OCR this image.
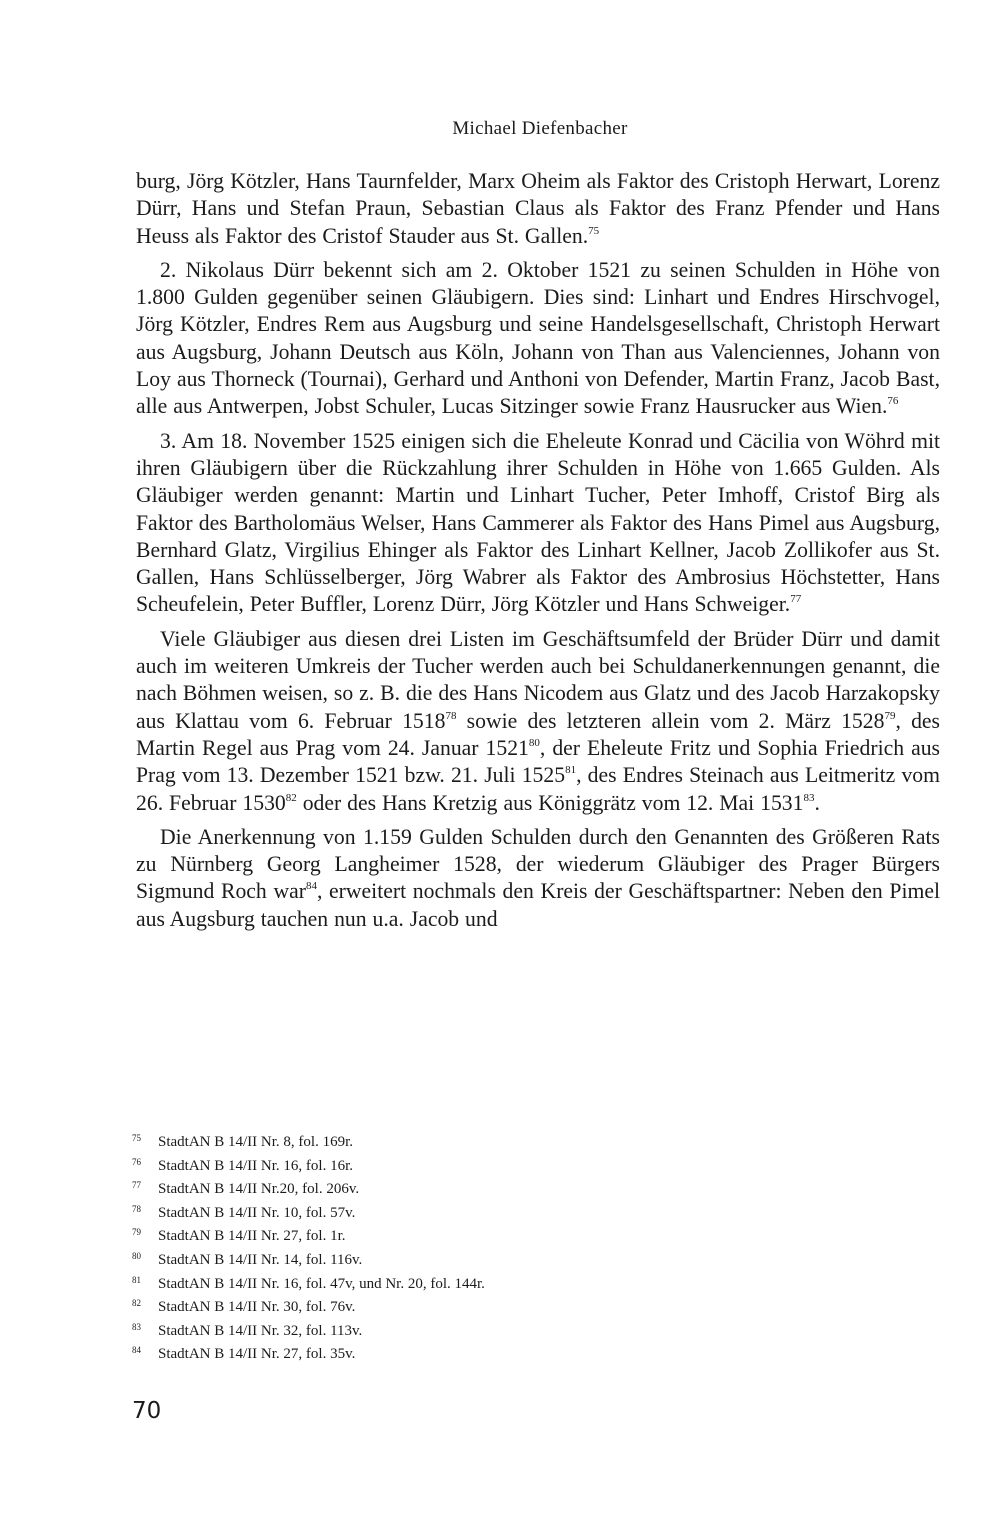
Michael Diefenbacher

burg, Jörg Kötzler, Hans Taurnfelder, Marx Oheim als Faktor des Cristoph Herwart, Lorenz Dürr, Hans und Stefan Praun, Sebastian Claus als Faktor des Franz Pfender und Hans Heuss als Faktor des Cristof Stauder aus St. Gallen.$^{75}$

2. Nikolaus Dürr bekennt sich am 2. Oktober 1521 zu seinen Schulden in Höhe von 1.800 Gulden gegenüber seinen Gläubigern. Dies sind: Linhart und Endres Hirschvogel, Jörg Kötzler, Endres Rem aus Augsburg und seine Handelsgesellschaft, Christoph Herwart aus Augsburg, Johann Deutsch aus Köln, Johann von Than aus Valenciennes, Johann von Loy aus Thorneck (Tournai), Gerhard und Anthoni von Defender, Martin Franz, Jacob Bast, alle aus Antwerpen, Jobst Schuler, Lucas Sitzinger sowie Franz Hausrucker aus Wien.$^{76}$

3. Am 18. November 1525 einigen sich die Eheleute Konrad und Cäcilia von Wöhrd mit ihren Gläubigern über die Rückzahlung ihrer Schulden in Höhe von 1.665 Gulden. Als Gläubiger werden genannt: Martin und Linhart Tucher, Peter Imhoff, Cristof Birg als Faktor des Bartholomäus Welser, Hans Cammerer als Faktor des Hans Pimel aus Augsburg, Bernhard Glatz, Virgilius Ehinger als Faktor des Linhart Kellner, Jacob Zollikofer aus St. Gallen, Hans Schlüsselberger, Jörg Wabrer als Faktor des Ambrosius Höchstetter, Hans Scheufelein, Peter Buffler, Lorenz Dürr, Jörg Kötzler und Hans Schweiger.$^{77}$

Viele Gläubiger aus diesen drei Listen im Geschäftsumfeld der Brüder Dürr und damit auch im weiteren Umkreis der Tucher werden auch bei Schuldanerkennungen genannt, die nach Böhmen weisen, so z. B. die des Hans Nicodem aus Glatz und des Jacob Harzakopsky aus Klattau vom 6. Februar 1518$^{78}$ sowie des letzteren allein vom 2. März 1528$^{79}$, des Martin Regel aus Prag vom 24. Januar 1521$^{80}$, der Eheleute Fritz und Sophia Friedrich aus Prag vom 13. Dezember 1521 bzw. 21. Juli 1525$^{81}$, des Endres Steinach aus Leitmeritz vom 26. Februar 1530$^{82}$ oder des Hans Kretzig aus Königgrätz vom 12. Mai 1531$^{83}$.

Die Anerkennung von 1.159 Gulden Schulden durch den Genannten des Größeren Rats zu Nürnberg Georg Langheimer 1528, der wiederum Gläubiger des Prager Bürgers Sigmund Roch war$^{84}$, erweitert nochmals den Kreis der Geschäftspartner: Neben den Pimel aus Augsburg tauchen nun u.a. Jacob und

75	StadtAN B 14/II Nr. 8, fol. 169r.
76	StadtAN B 14/II Nr. 16, fol. 16r.
77	StadtAN B 14/II Nr.20, fol. 206v.
78	StadtAN B 14/II Nr. 10, fol. 57v.
79	StadtAN B 14/II Nr. 27, fol. 1r.
80	StadtAN B 14/II Nr. 14, fol. 116v.
81	StadtAN B 14/II Nr. 16, fol. 47v, und Nr. 20, fol. 144r.
82	StadtAN B 14/II Nr. 30, fol. 76v.
83	StadtAN B 14/II Nr. 32, fol. 113v.
84	StadtAN B 14/II Nr. 27, fol. 35v.
70
